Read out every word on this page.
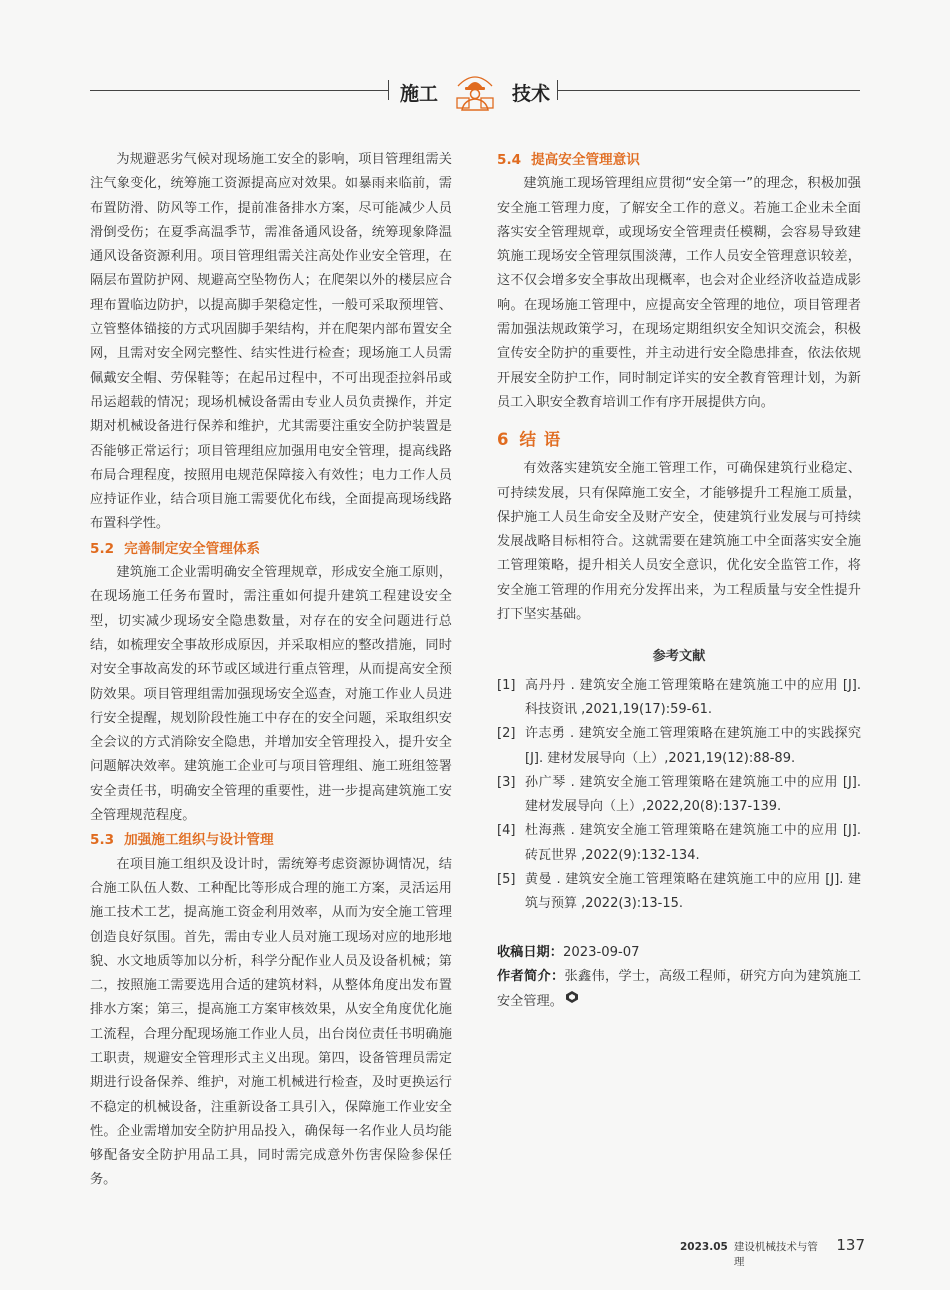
施工	技术

为规避恶劣气候对现场施工安全的影响，项目管理组需关注气象变化，统筹施工资源提高应对效果。如暴雨来临前，需布置防滑、防风等工作，提前准备排水方案，尽可能减少人员滑倒受伤；在夏季高温季节，需准备通风设备，统筹现象降温通风设备资源利用。项目管理组需关注高处作业安全管理，在隔层布置防护网、规避高空坠物伤人；在爬架以外的楼层应合理布置临边防护，以提高脚手架稳定性，一般可采取预埋管、立管整体锚接的方式巩固脚手架结构，并在爬架内部布置安全网，且需对安全网完整性、结实性进行检查；现场施工人员需佩戴安全帽、劳保鞋等；在起吊过程中，不可出现歪拉斜吊或吊运超载的情况；现场机械设备需由专业人员负责操作，并定期对机械设备进行保养和维护，尤其需要注重安全防护装置是否能够正常运行；项目管理组应加强用电安全管理，提高线路布局合理程度，按照用电规范保障接入有效性；电力工作人员应持证作业，结合项目施工需要优化布线，全面提高现场线路布置科学性。

5.2 完善制定安全管理体系

建筑施工企业需明确安全管理规章，形成安全施工原则，在现场施工任务布置时，需注重如何提升建筑工程建设安全型，切实减少现场安全隐患数量，对存在的安全问题进行总结，如梳理安全事故形成原因，并采取相应的整改措施，同时对安全事故高发的环节或区域进行重点管理，从而提高安全预防效果。项目管理组需加强现场安全巡查，对施工作业人员进行安全提醒，规划阶段性施工中存在的安全问题，采取组织安全会议的方式消除安全隐患，并增加安全管理投入，提升安全问题解决效率。建筑施工企业可与项目管理组、施工班组签署安全责任书，明确安全管理的重要性，进一步提高建筑施工安全管理规范程度。

5.3 加强施工组织与设计管理

在项目施工组织及设计时，需统筹考虑资源协调情况，结合施工队伍人数、工种配比等形成合理的施工方案，灵活运用施工技术工艺，提高施工资金利用效率，从而为安全施工管理创造良好氛围。首先，需由专业人员对施工现场对应的地形地貌、水文地质等加以分析，科学分配作业人员及设备机械；第二，按照施工需要选用合适的建筑材料，从整体角度出发布置排水方案；第三，提高施工方案审核效果，从安全角度优化施工流程，合理分配现场施工作业人员，出台岗位责任书明确施工职责，规避安全管理形式主义出现。第四，设备管理员需定期进行设备保养、维护，对施工机械进行检查，及时更换运行不稳定的机械设备，注重新设备工具引入，保障施工作业安全性。企业需增加安全防护用品投入，确保每一名作业人员均能够配备安全防护用品工具，同时需完成意外伤害保险参保任务。

5.4 提高安全管理意识

建筑施工现场管理组应贯彻“安全第一”的理念，积极加强安全施工管理力度，了解安全工作的意义。若施工企业未全面落实安全管理规章，或现场安全管理责任模糊，会容易导致建筑施工现场安全管理氛围淡薄，工作人员安全管理意识较差，这不仅会增多安全事故出现概率，也会对企业经济收益造成影响。在现场施工管理中，应提高安全管理的地位，项目管理者需加强法规政策学习，在现场定期组织安全知识交流会，积极宣传安全防护的重要性，并主动进行安全隐患排查，依法依规开展安全防护工作，同时制定详实的安全教育管理计划，为新员工入职安全教育培训工作有序开展提供方向。

6 结 语

有效落实建筑安全施工管理工作，可确保建筑行业稳定、可持续发展，只有保障施工安全，才能够提升工程施工质量，保护施工人员生命安全及财产安全，使建筑行业发展与可持续发展战略目标相符合。这就需要在建筑施工中全面落实安全施工管理策略，提升相关人员安全意识，优化安全监管工作，将安全施工管理的作用充分发挥出来，为工程质量与安全性提升打下坚实基础。

参考文献
[1] 高丹丹 . 建筑安全施工管理策略在建筑施工中的应用 [J]. 科技资讯 ,2021,19(17):59-61.
[2] 许志勇 . 建筑安全施工管理策略在建筑施工中的实践探究 [J]. 建材发展导向（上）,2021,19(12):88-89.
[3] 孙广琴 . 建筑安全施工管理策略在建筑施工中的应用 [J]. 建材发展导向（上）,2022,20(8):137-139.
[4] 杜海燕 . 建筑安全施工管理策略在建筑施工中的应用 [J]. 砖瓦世界 ,2022(9):132-134.
[5] 黄曼 . 建筑安全施工管理策略在建筑施工中的应用 [J]. 建筑与预算 ,2022(3):13-15.
收稿日期：2023-09-07
作者简介：张鑫伟，学士，高级工程师，研究方向为建筑施工安全管理。
2023.05 建设机械技术与管理
137
